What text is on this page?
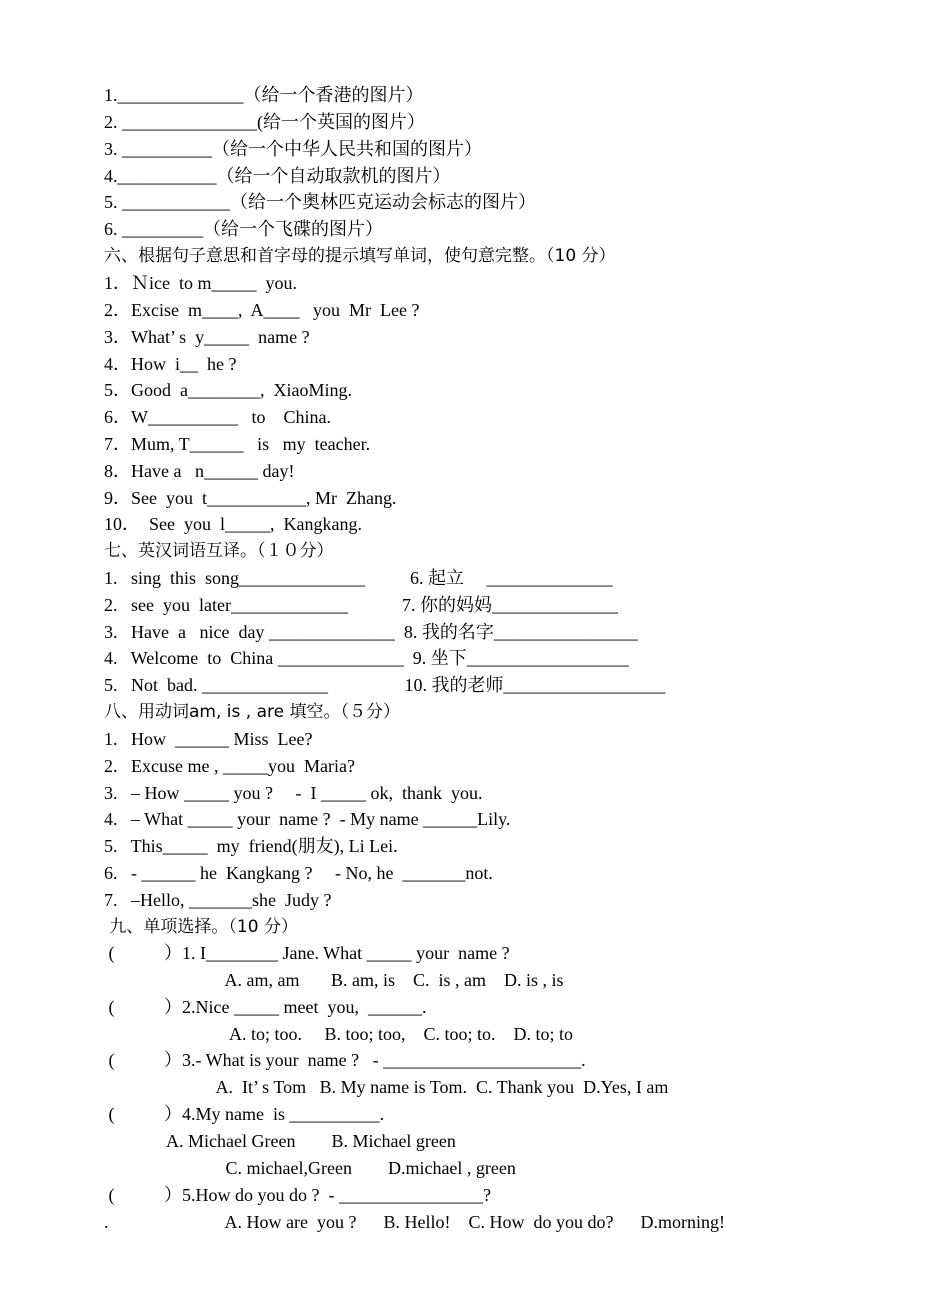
1.______________（给一个香港的图片）

2. _______________(给一个英国的图片）

3. __________（给一个中华人民共和国的图片）

4.___________（给一个自动取款机的图片）

5. ____________（给一个奥林匹克运动会标志的图片）

6. _________（给一个飞碟的图片）

六、根据句子意思和首字母的提示填写单词，使句意完整。（10 分）

1．Ｎice  to m_____  you.

2．Excise  m____,  A____   you  Mr  Lee ?

3．What’ s  y_____  name ?

4．How  i__  he ?

5．Good  a________,  XiaoMing.

6．W__________   to    China.

7．Mum, T______   is   my  teacher.

8．Have a   n______ day!

9．See  you  t___________, Mr  Zhang.

10．  See  you  l_____,  Kangkang.

七、英汉词语互译。（１０分）

1.   sing  this  song______________          6. 起立     ______________

2.   see  you  later_____________            7. 你的妈妈______________

3.   Have  a   nice  day ______________  8. 我的名字________________

4.   Welcome  to  China ______________  9. 坐下__________________

5.   Not  bad. ______________                 10. 我的老师__________________

八、用动词am, is , are 填空。（５分）

1.   How  ______ Miss  Lee?

2.   Excuse me , _____you  Maria?

3.   – How _____ you ?     -  I _____ ok,  thank  you.

4.   – What _____ your  name ?  - My name ______Lily.

5.   This_____  my  friend(朋友), Li Lei.

6.   - ______ he  Kangkang ?     - No, he  _______not.

7.   –Hello, _______she  Judy ?

九、单项选择。（10 分）

(           ）1. I________ Jane. What _____ your  name ?

A. am, am       B. am, is    C.  is , am    D. is , is

(           ）2.Nice _____ meet  you,  ______.

A. to; too.     B. too; too,    C. too; to.    D. to; to

(           ）3.- What is your  name ?   - ______________________.

A.  It’ s Tom   B. My name is Tom.  C. Thank you  D.Yes, I am

(           ）4.My name  is __________.

A. Michael Green        B. Michael green

C. michael,Green        D.michael , green

(           ）5.How do you do ?  - ________________?

.                          A. How are  you ?      B. Hello!    C. How  do you do?      D.morning!
